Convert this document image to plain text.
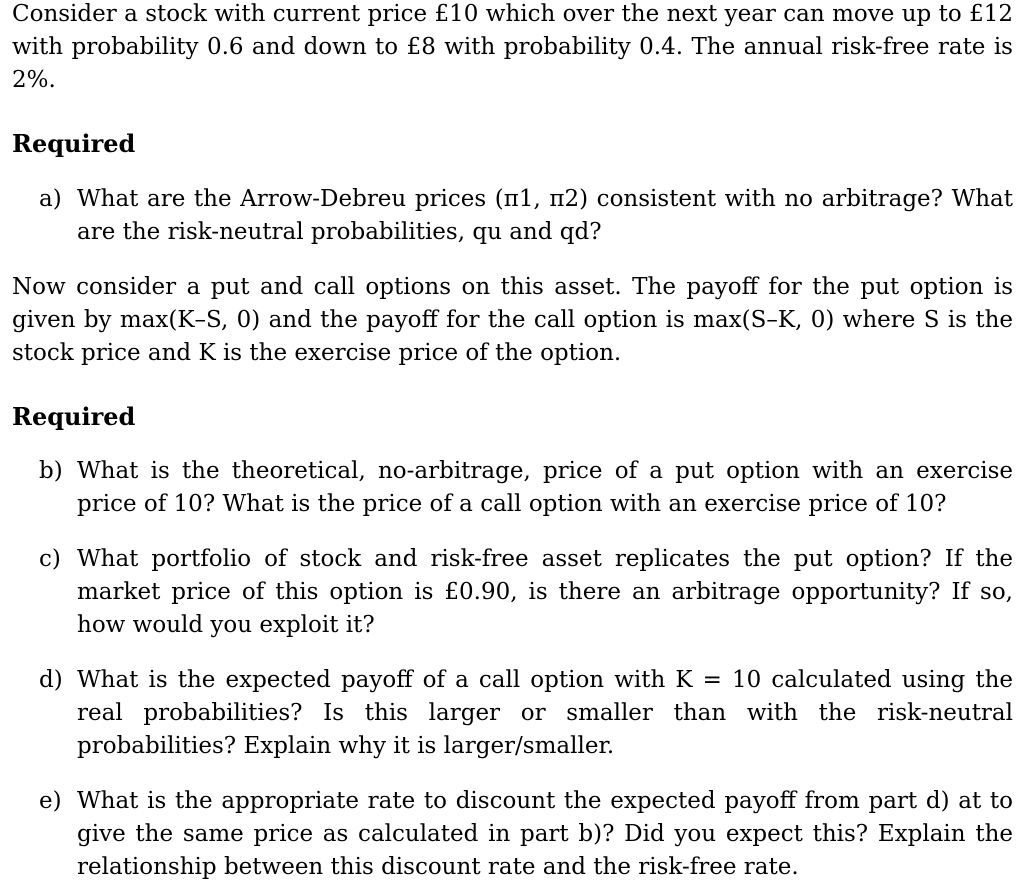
Consider a stock with current price £10 which over the next year can move up to £12 with probability 0.6 and down to £8 with probability 0.4. The annual risk-free rate is 2%.

Required
a) What are the Arrow-Debreu prices (π1, π2) consistent with no arbitrage? What are the risk-neutral probabilities, qu and qd?

Now consider a put and call options on this asset. The payoff for the put option is given by max(K–S, 0) and the payoff for the call option is max(S–K, 0) where S is the stock price and K is the exercise price of the option.

Required
b) What is the theoretical, no-arbitrage, price of a put option with an exercise price of 10? What is the price of a call option with an exercise price of 10?
c) What portfolio of stock and risk-free asset replicates the put option? If the market price of this option is £0.90, is there an arbitrage opportunity? If so, how would you exploit it?
d) What is the expected payoff of a call option with K = 10 calculated using the real probabilities? Is this larger or smaller than with the risk-neutral probabilities? Explain why it is larger/smaller.
e) What is the appropriate rate to discount the expected payoff from part d) at to give the same price as calculated in part b)? Did you expect this? Explain the relationship between this discount rate and the risk-free rate.
